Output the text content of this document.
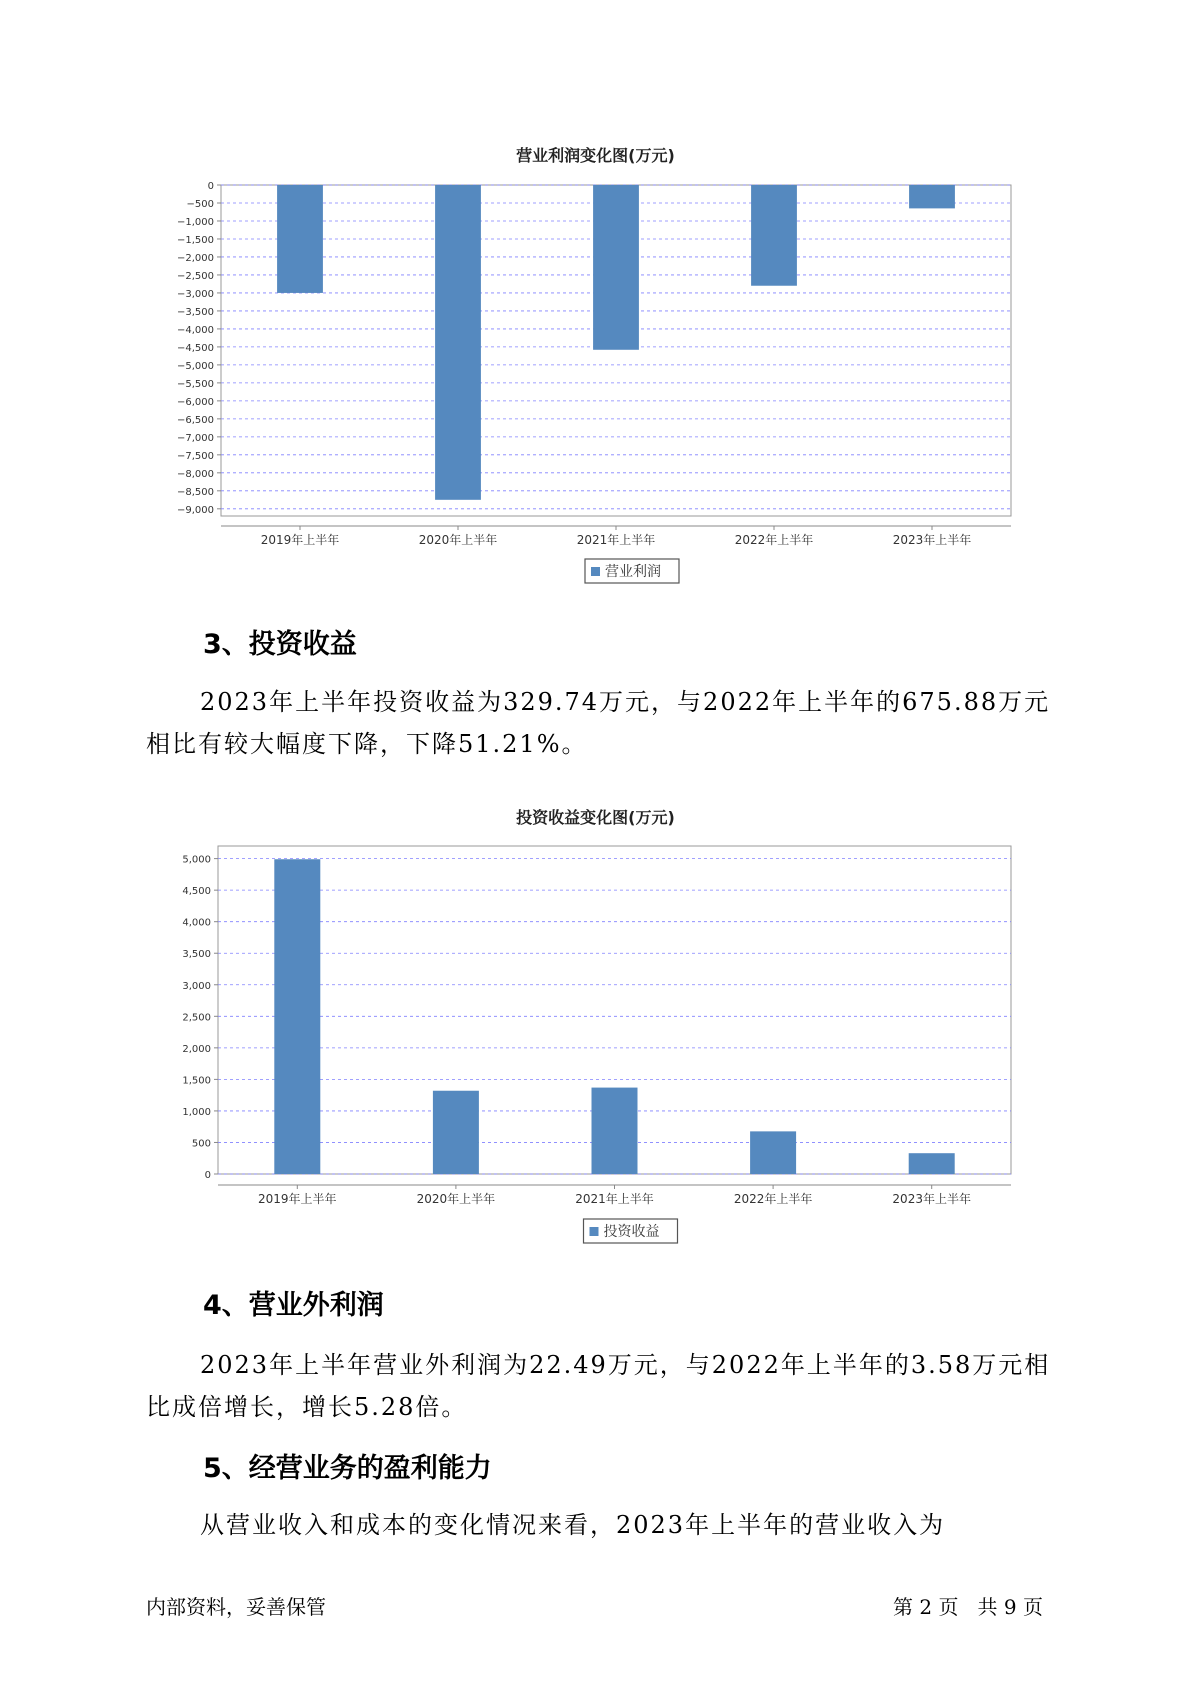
营业利润变化图(万元)
0
−500
−1,000
−1,500
−2,000
−2,500
−3,000
−3,500
−4,000
−4,500
−5,000
−5,500
−6,000
−6,500
−7,000
−7,500
−8,000
−8,500
−9,000
2019年上半年	2020年上半年	2021年上半年	2022年上半年	2023年上半年
营业利润
3、投资收益

2023年上半年投资收益为329.74万元，与2022年上半年的675.88万元相比有较大幅度下降，下降51.21%。

投资收益变化图(万元)
5,000
4,500
4,000
3,500
3,000
2,500
2,000
1,500
1,000
500
0
2019年上半年	2020年上半年	2021年上半年	2022年上半年	2023年上半年
投资收益
4、营业外利润

2023年上半年营业外利润为22.49万元，与2022年上半年的3.58万元相比成倍增长，增长5.28倍。

5、经营业务的盈利能力

从营业收入和成本的变化情况来看，2023年上半年的营业收入为

内部资料，妥善保管	第 2 页   共 9 页
